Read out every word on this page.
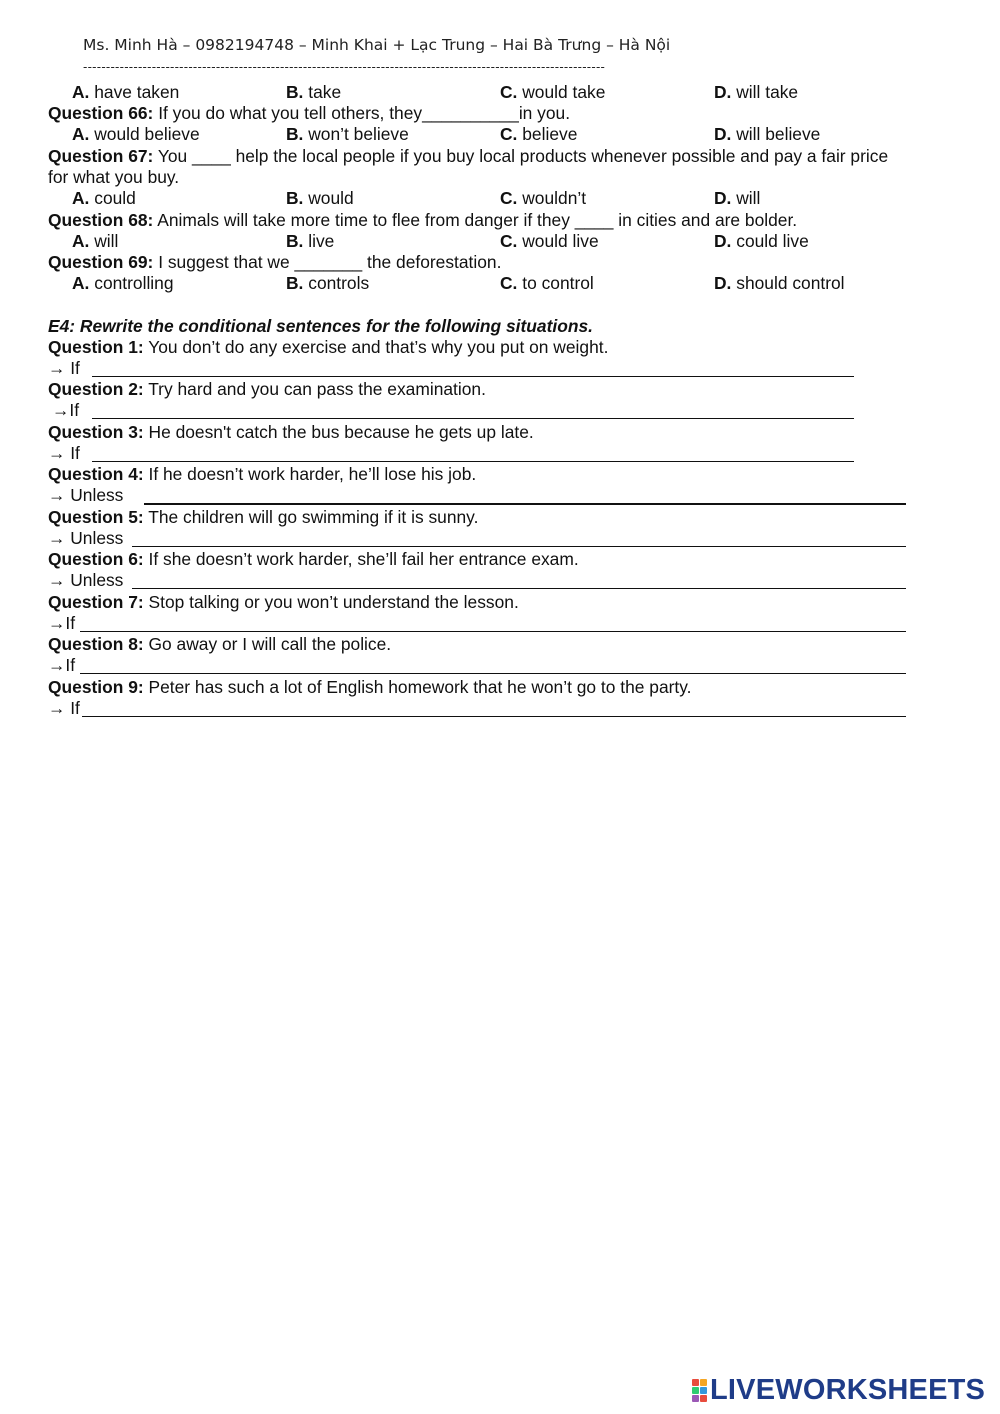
Ms. Minh Hà – 0982194748 – Minh Khai + Lạc Trung – Hai Bà Trưng – Hà Nội
------------------------------------------------------------------------------------------------------------------
A. have taken	B. take	C. would take	D. will take
Question 66: If you do what you tell others, they__________in you.
A. would believe	B. won’t believe	C. believe	D. will believe
Question 67: You ____ help the local people if you buy local products whenever possible and pay a fair price
for what you buy.
A. could	B. would	C. wouldn’t	D. will
Question 68: Animals will take more time to flee from danger if they ____ in cities and are bolder.
A. will	B. live	C. would live	D. could live
Question 69: I suggest that we _______ the deforestation.
A. controlling	B. controls	C. to control	D. should control
E4: Rewrite the conditional sentences for the following situations.
Question 1: You don’t do any exercise and that’s why you put on weight.
→ If
Question 2: Try hard and you can pass the examination.
→If
Question 3: He doesn't catch the bus because he gets up late.
→ If
Question 4: If he doesn’t work harder, he’ll lose his job.
→ Unless
Question 5: The children will go swimming if it is sunny.
→ Unless
Question 6: If she doesn’t work harder, she’ll fail her entrance exam.
→ Unless
Question 7: Stop talking or you won’t understand the lesson.
→If
Question 8: Go away or I will call the police.
→If
Question 9: Peter has such a lot of English homework that he won’t go to the party.
→ If
LIVEWORKSHEETS
